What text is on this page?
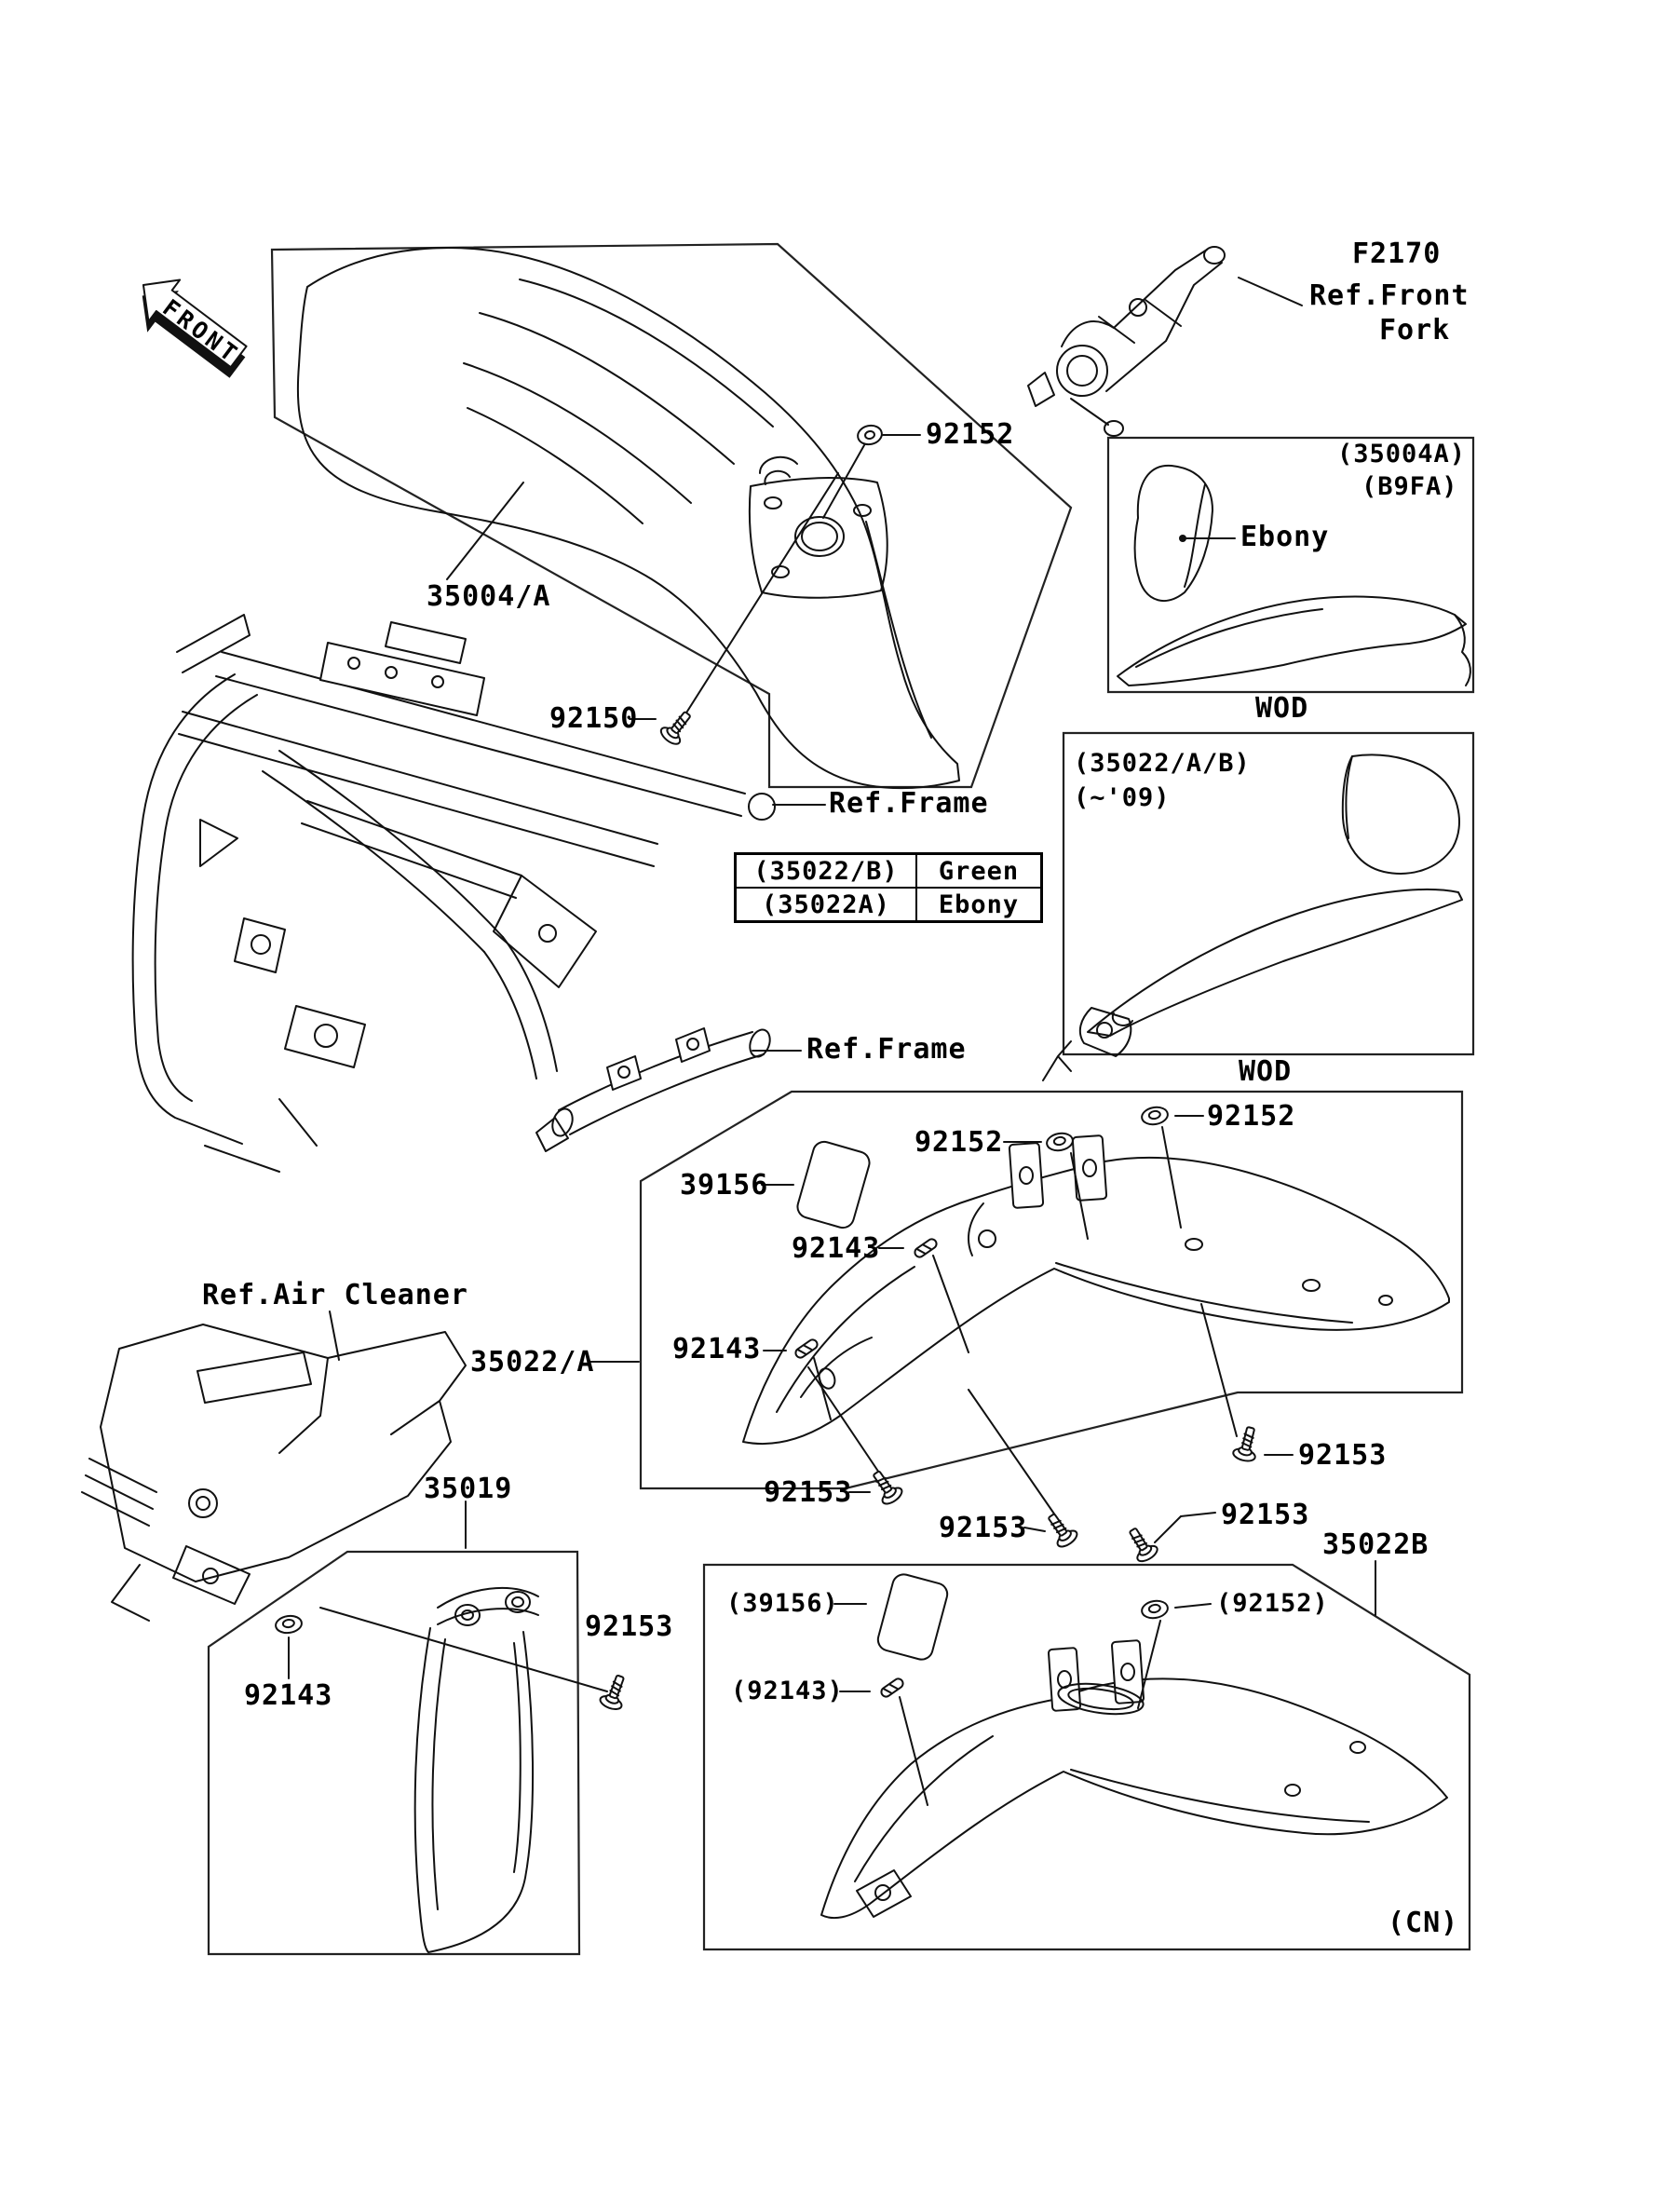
FRONT
(35022/B)	Green
(35022A)	Ebony
F2170
Ref.Front
Fork
(35004A)
(B9FA)
Ebony
WOD
(35022/A/B)
(~'09)
WOD
35004/A
92152
92150
Ref.Frame
Ref.Frame
92152
92152
39156
92143
Ref.Air Cleaner
35022/A	92143
92153
92153
92153
92153
35019
35022B
92153
92143
(39156)
(92143)
(92152)
(CN)
